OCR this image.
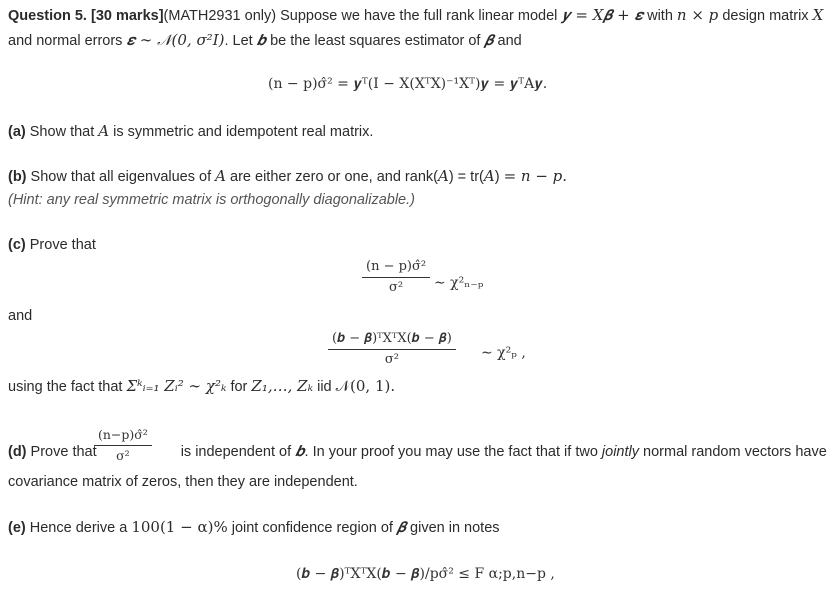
Question 5. [30 marks](MATH2931 only) Suppose we have the full rank linear model 𝒚 = X𝜷 + 𝜺 with n × p design matrix X
and normal errors 𝜺 ∼ 𝒩(0, σ²I). Let 𝒃 be the least squares estimator of 𝜷 and
(n − p)σ̂² = 𝒚ᵀ(I − X(XᵀX)⁻¹Xᵀ)𝒚 = 𝒚ᵀA𝒚.
(a) Show that A is symmetric and idempotent real matrix.
(b) Show that all eigenvalues of A are either zero or one, and rank(A) = tr(A) = n − p.
(Hint: any real symmetric matrix is orthogonally diagonalizable.)
(c) Prove that
$\frac{\text{(n − p)σ̂²}}{\text{σ²}}$ ∼ χ²ₙ₋ₚ
and
(𝒃 − 𝜷)ᵀXᵀX(𝒃 − 𝜷)
σ²	∼ χ²ₚ ,
using the fact that Σᵏᵢ₌₁ Zᵢ² ∼ χ²ₖ for Z₁,…, Zₖ iid 𝒩(0, 1).
(d) Prove that	is independent of 𝒃. In your proof you may use the fact that if two jointly normal random vectors have
$\frac{\text{(n−p)σ̂²}}{\text{σ²}}$
covariance matrix of zeros, then they are independent.
(e) Hence derive a 100(1 − α)% joint confidence region of 𝜷 given in notes
(𝒃 − 𝜷)ᵀXᵀX(𝒃 − 𝜷)/pσ̂² ≤ F α;p,n−p ,
